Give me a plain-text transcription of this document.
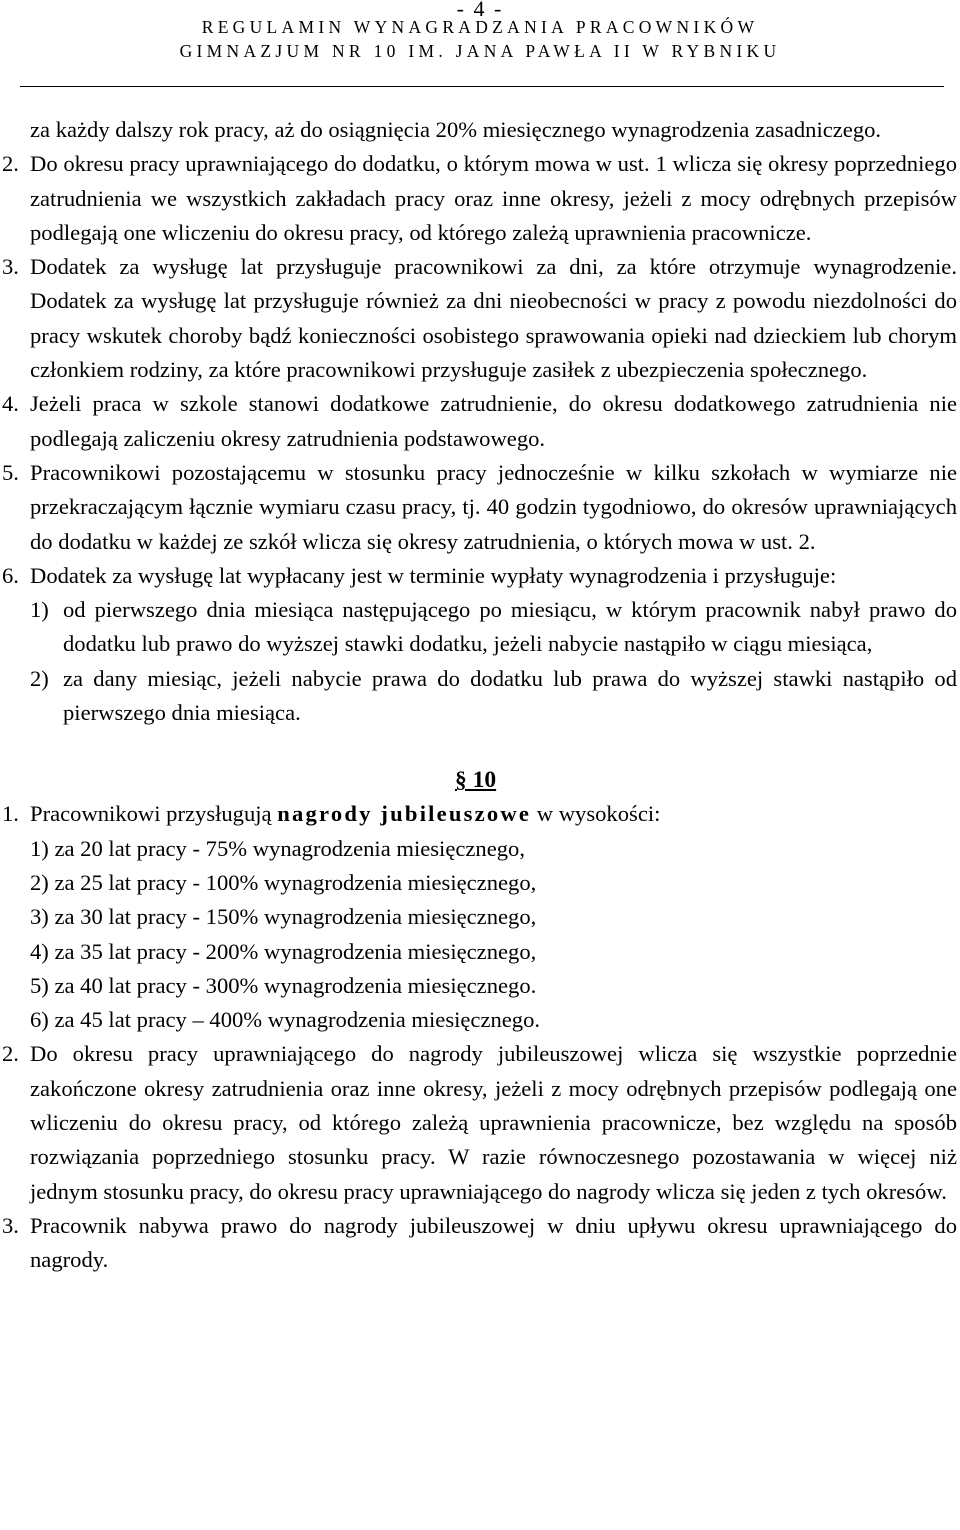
- 4 -
REGULAMIN WYNAGRADZANIA PRACOWNIKÓW
GIMNAZJUM NR 10 IM. JANA PAWŁA II W RYBNIKU

za każdy dalszy rok pracy, aż do osiągnięcia 20% miesięcznego wynagrodzenia zasadniczego.

2. Do okresu pracy uprawniającego do dodatku, o którym mowa w ust. 1 wlicza się okresy poprzedniego zatrudnienia we wszystkich zakładach pracy oraz inne okresy, jeżeli z mocy odrębnych przepisów podlegają one wliczeniu do okresu pracy, od którego zależą uprawnienia pracownicze.

3. Dodatek za wysługę lat przysługuje pracownikowi za dni, za które otrzymuje wynagrodzenie. Dodatek za wysługę lat przysługuje również za dni nieobecności w pracy z powodu niezdolności do pracy wskutek choroby bądź konieczności osobistego sprawowania opieki nad dzieckiem lub chorym członkiem rodziny, za które pracownikowi przysługuje zasiłek z ubezpieczenia społecznego.

4. Jeżeli praca w szkole stanowi dodatkowe zatrudnienie, do okresu dodatkowego zatrudnienia nie podlegają zaliczeniu okresy zatrudnienia podstawowego.

5. Pracownikowi pozostającemu w stosunku pracy jednocześnie w kilku szkołach w wymiarze nie przekraczającym łącznie wymiaru czasu pracy, tj. 40 godzin tygodniowo, do okresów uprawniających do dodatku w każdej ze szkół wlicza się okresy zatrudnienia, o których mowa w ust. 2.

6. Dodatek za wysługę lat wypłacany jest w terminie wypłaty wynagrodzenia i przysługuje:

1) od pierwszego dnia miesiąca następującego po miesiącu, w którym pracownik nabył prawo do dodatku lub prawo do wyższej stawki dodatku, jeżeli nabycie nastąpiło w ciągu miesiąca,

2) za dany miesiąc, jeżeli nabycie prawa do dodatku lub prawa do wyższej stawki nastąpiło od pierwszego dnia miesiąca.

§ 10

1. Pracownikowi przysługują nagrody jubileuszowe w wysokości:

1) za 20 lat pracy - 75% wynagrodzenia miesięcznego,

2) za 25 lat pracy - 100% wynagrodzenia miesięcznego,

3) za 30 lat pracy - 150% wynagrodzenia miesięcznego,

4) za 35 lat pracy - 200% wynagrodzenia miesięcznego,

5) za 40 lat pracy - 300% wynagrodzenia miesięcznego.

6) za 45 lat pracy – 400% wynagrodzenia miesięcznego.

2. Do okresu pracy uprawniającego do nagrody jubileuszowej wlicza się wszystkie poprzednie zakończone okresy zatrudnienia oraz inne okresy, jeżeli z mocy odrębnych przepisów podlegają one wliczeniu do okresu pracy, od którego zależą uprawnienia pracownicze, bez względu na sposób rozwiązania poprzedniego stosunku pracy. W razie równoczesnego pozostawania w więcej niż jednym stosunku pracy, do okresu pracy uprawniającego do nagrody wlicza się jeden z tych okresów.

3. Pracownik nabywa prawo do nagrody jubileuszowej w dniu upływu okresu uprawniającego do nagrody.
